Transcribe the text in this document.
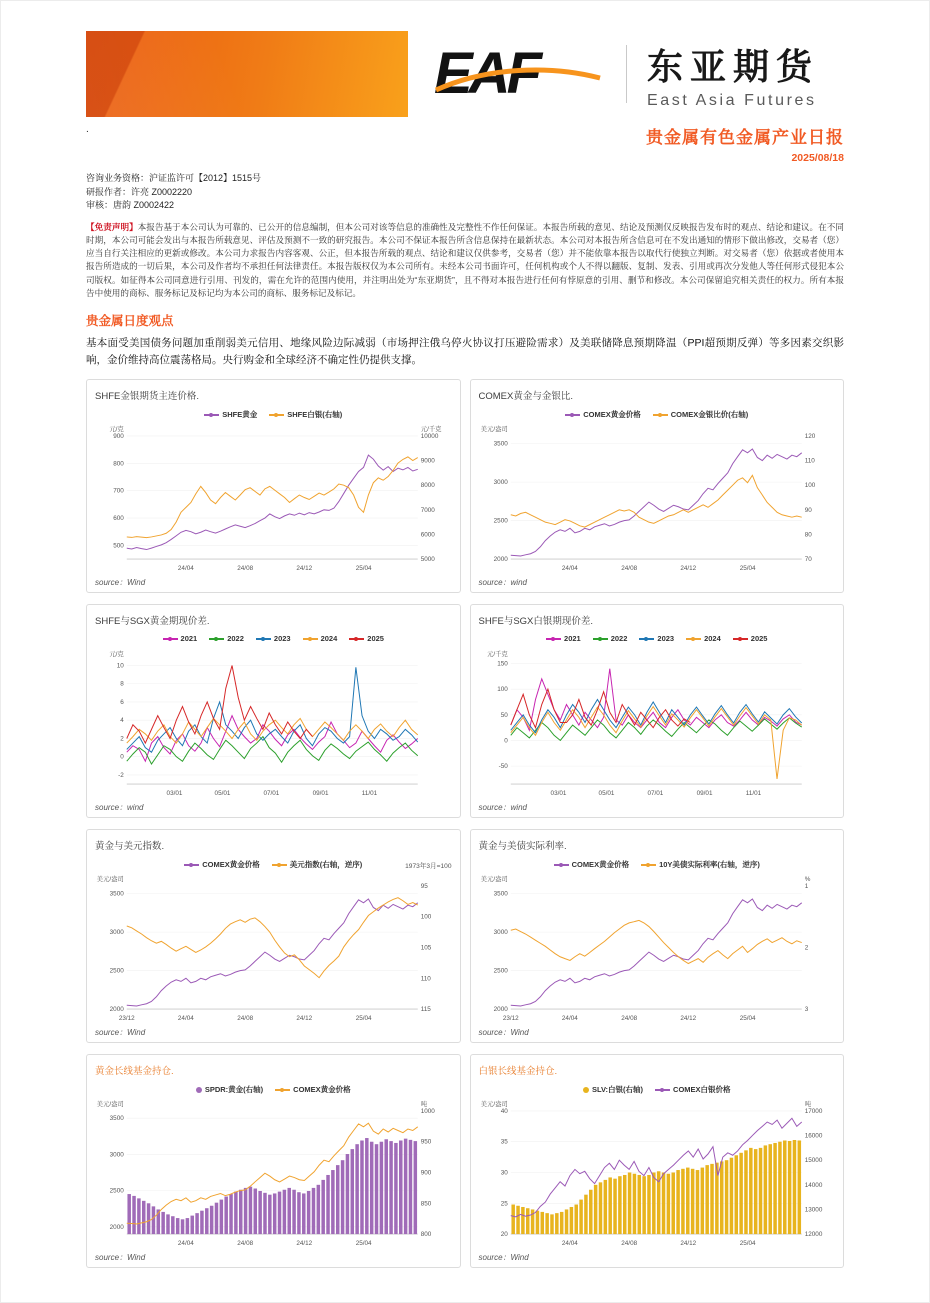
EAF	东亚期货
East Asia Futures
.	贵金属有色金属产业日报
2025/08/18
咨询业务资格：沪证监许可【2012】1515号
研报作者：许亮 Z0002220
审核：唐韵 Z0002422

【免责声明】本报告基于本公司认为可靠的、已公开的信息编制，但本公司对该等信息的准确性及完整性不作任何保证。本报告所载的意见、结论及预测仅反映报告发布时的观点、结论和建议。在不同时期，本公司可能会发出与本报告所载意见、评估及预测不一致的研究报告。本公司不保证本报告所含信息保持在最新状态。本公司对本报告所含信息可在不发出通知的情形下做出修改，交易者（您）应当自行关注相应的更新或修改。本公司力求报告内容客观、公正，但本报告所载的观点、结论和建议仅供参考，交易者（您）并不能依靠本报告以取代行使独立判断。对交易者（您）依据或者使用本报告所造成的一切后果，本公司及作者均不承担任何法律责任。本报告版权仅为本公司所有。未经本公司书面许可，任何机构或个人不得以翻版、复制、发表、引用或再次分发他人等任何形式侵犯本公司版权。如征得本公司同意进行引用、刊发的，需在允许的范围内使用，并注明出处为“东亚期货”，且不得对本报告进行任何有悖原意的引用、删节和修改。本公司保留追究相关责任的权力。所有本报告中使用的商标、服务标记及标记均为本公司的商标、服务标记及标记。

贵金属日度观点

基本面受美国债务问题加重削弱美元信用、地缘风险边际减弱（市场押注俄乌停火协议打压避险需求）及美联储降息预期降温（PPI超预期反弹）等多因素交织影响，金价维持高位震荡格局。央行购金和全球经济不确定性仍提供支撑。

SHFE金银期货主连价格.
SHFE黄金	SHFE白银(右轴)
900
800
700
600
500
元/克
10000
9000
8000
7000
6000
5000
元/千克
24/04	24/08	24/12	25/04
source：Wind
COMEX黄金与金银比.
COMEX黄金价格	COMEX金银比价(右轴)
3500
3000
2500
2000
美元/盎司
120
110
100
90
80
70
24/04	24/08	24/12	25/04
source：wind
SHFE与SGX黄金期现价差.
2021	2022	2023	2024	2025
10
8
6
4
2
0
-2
元/克
03/01	05/01	07/01	09/01	11/01
source：wind
SHFE与SGX白银期现价差.
2021	2022	2023	2024	2025
150
100
50
0
-50
元/千克
03/01	05/01	07/01	09/01	11/01
source：wind
黄金与美元指数.
COMEX黄金价格	美元指数(右轴，逆序)	1973年3月=100
3500
3000
2500
2000
美元/盎司
95
100
105
110
115
23/12	24/04	24/08	24/12	25/04
source：Wind
黄金与美债实际利率.
COMEX黄金价格	10Y美债实际利率(右轴，逆序)
3500
3000
2500
2000
美元/盎司
1
2
3
%
23/12	24/04	24/08	24/12	25/04
source：Wind
黄金长线基金持仓.
SPDR:黄金(右轴)	COMEX黄金价格
3500
3000
2500
2000
美元/盎司
1000
950
900
850
800
吨
24/04	24/08	24/12	25/04
source：Wind
白银长线基金持仓.
SLV:白银(右轴)	COMEX白银价格
40
35
30
25
20
美元/盎司
17000
16000
15000
14000
13000
12000
吨
24/04	24/08	24/12	25/04
source：Wind
